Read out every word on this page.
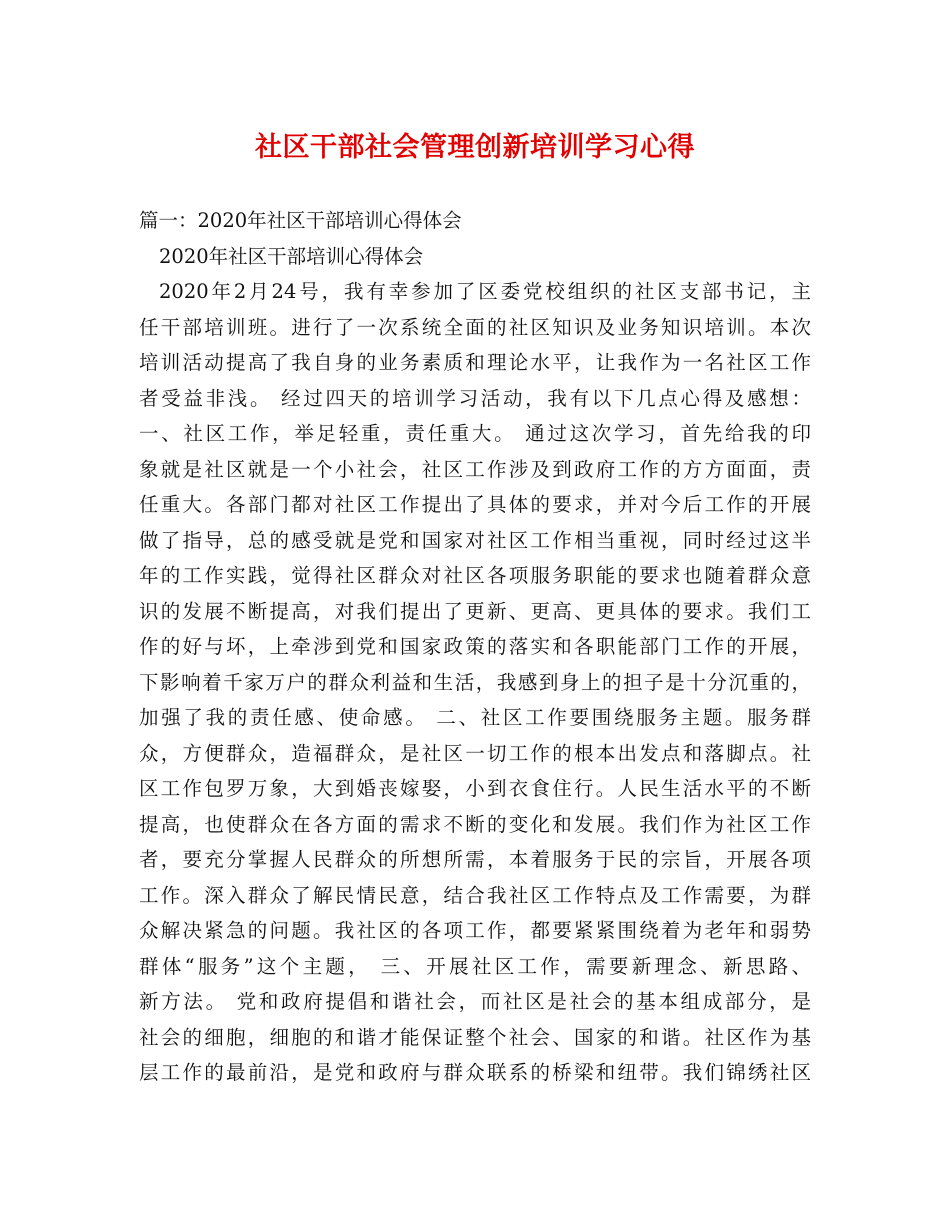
社区干部社会管理创新培训学习心得
篇一：2020年社区干部培训心得体会
2020年社区干部培训心得体会
2020年2月24号，我有幸参加了区委党校组织的社区支部书记，主
任干部培训班。进行了一次系统全面的社区知识及业务知识培训。本次
培训活动提高了我自身的业务素质和理论水平，让我作为一名社区工作
者受益非浅。 经过四天的培训学习活动，我有以下几点心得及感想：
一、社区工作，举足轻重，责任重大。 通过这次学习，首先给我的印
象就是社区就是一个小社会，社区工作涉及到政府工作的方方面面，责
任重大。各部门都对社区工作提出了具体的要求，并对今后工作的开展
做了指导，总的感受就是党和国家对社区工作相当重视，同时经过这半
年的工作实践，觉得社区群众对社区各项服务职能的要求也随着群众意
识的发展不断提高，对我们提出了更新、更高、更具体的要求。我们工
作的好与坏，上牵涉到党和国家政策的落实和各职能部门工作的开展，
下影响着千家万户的群众利益和生活，我感到身上的担子是十分沉重的，
加强了我的责任感、使命感。 二、社区工作要围绕服务主题。服务群
众，方便群众，造福群众，是社区一切工作的根本出发点和落脚点。社
区工作包罗万象，大到婚丧嫁娶，小到衣食住行。人民生活水平的不断
提高，也使群众在各方面的需求不断的变化和发展。我们作为社区工作
者，要充分掌握人民群众的所想所需，本着服务于民的宗旨，开展各项
工作。深入群众了解民情民意，结合我社区工作特点及工作需要，为群
众解决紧急的问题。我社区的各项工作，都要紧紧围绕着为老年和弱势
群体“服务”这个主题， 三、开展社区工作，需要新理念、新思路、
新方法。 党和政府提倡和谐社会，而社区是社会的基本组成部分，是
社会的细胞，细胞的和谐才能保证整个社会、国家的和谐。社区作为基
层工作的最前沿，是党和政府与群众联系的桥梁和纽带。我们锦绣社区
